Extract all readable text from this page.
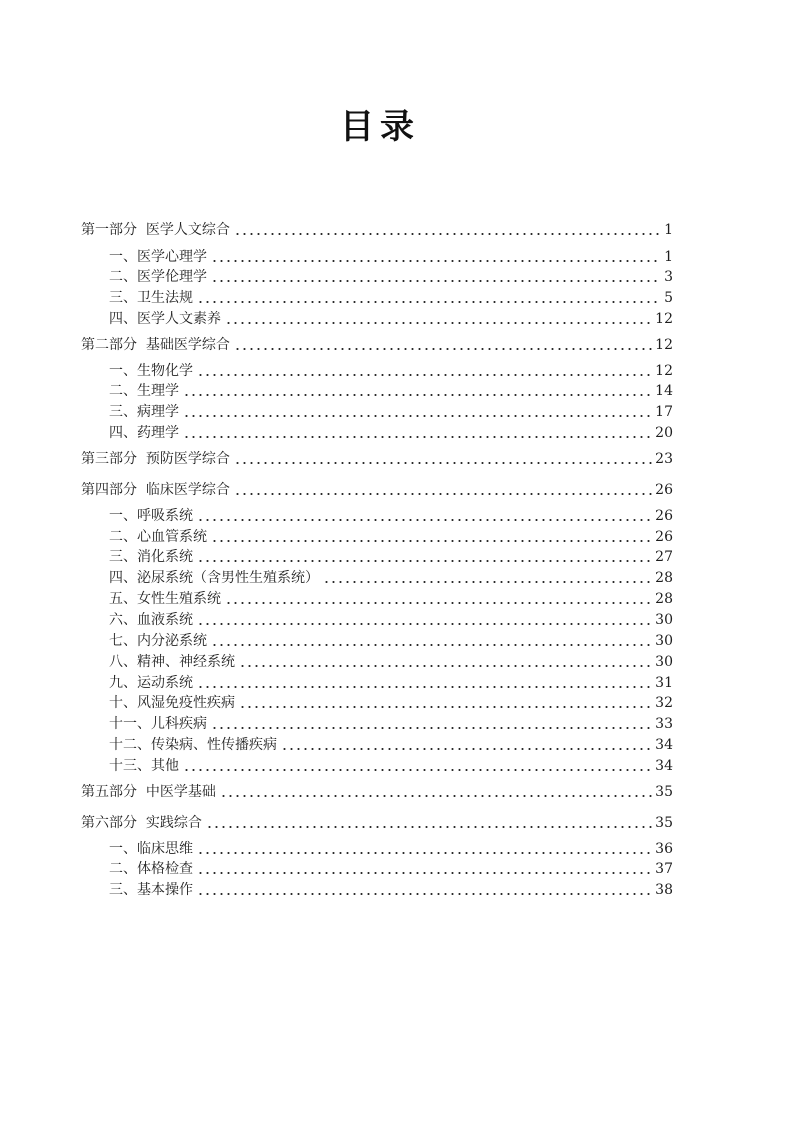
目录
第一部分  医学人文综合	1
一、医学心理学	1
二、医学伦理学	3
三、卫生法规	5
四、医学人文素养	12
第二部分  基础医学综合	12
一、生物化学	12
二、生理学	14
三、病理学	17
四、药理学	20
第三部分  预防医学综合	23
第四部分  临床医学综合	26
一、呼吸系统	26
二、心血管系统	26
三、消化系统	27
四、泌尿系统（含男性生殖系统）	28
五、女性生殖系统	28
六、血液系统	30
七、内分泌系统	30
八、精神、神经系统	30
九、运动系统	31
十、风湿免疫性疾病	32
十一、儿科疾病	33
十二、传染病、性传播疾病	34
十三、其他	34
第五部分  中医学基础	35
第六部分  实践综合	35
一、临床思维	36
二、体格检查	37
三、基本操作	38
